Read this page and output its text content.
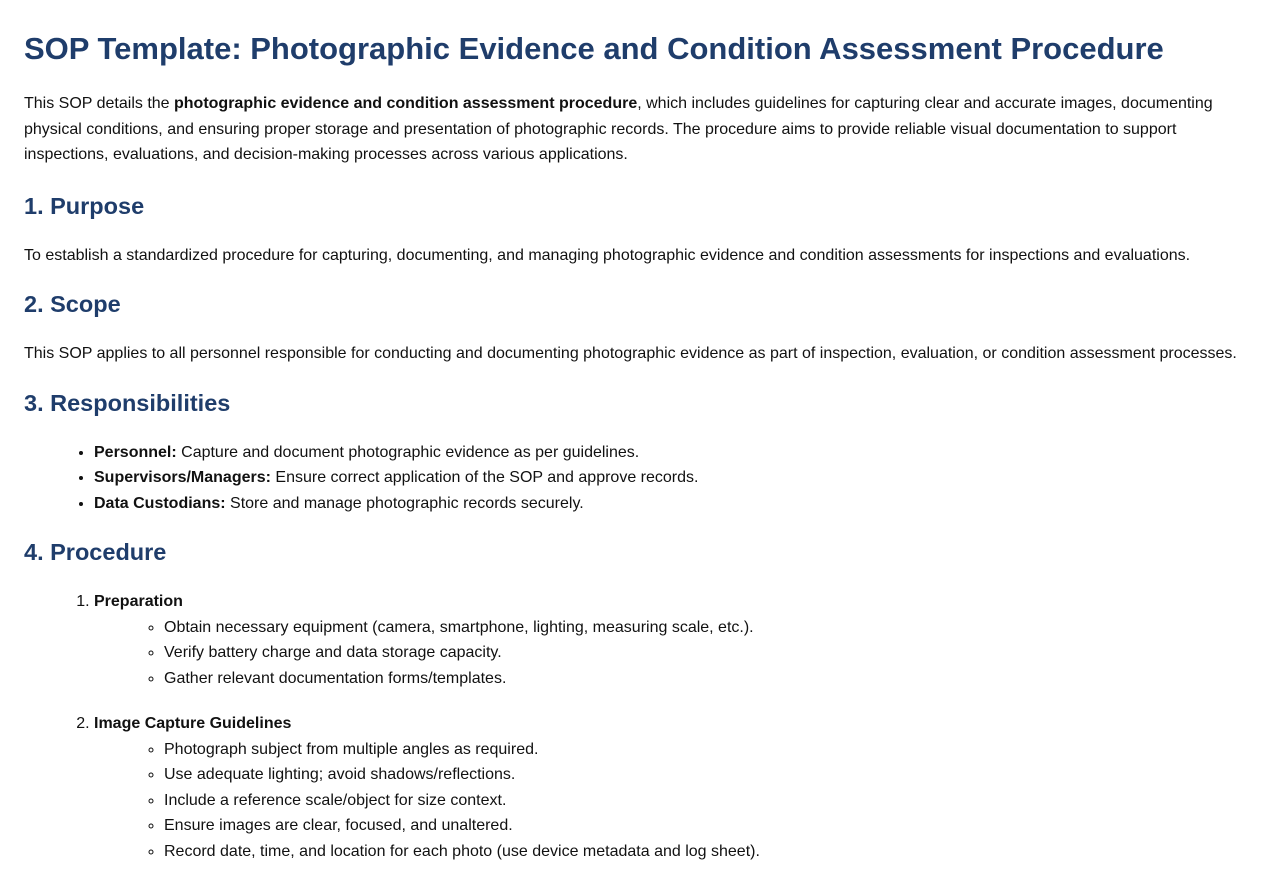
SOP Template: Photographic Evidence and Condition Assessment Procedure

This SOP details the photographic evidence and condition assessment procedure, which includes guidelines for capturing clear and accurate images, documenting physical conditions, and ensuring proper storage and presentation of photographic records. The procedure aims to provide reliable visual documentation to support inspections, evaluations, and decision-making processes across various applications.

1. Purpose

To establish a standardized procedure for capturing, documenting, and managing photographic evidence and condition assessments for inspections and evaluations.

2. Scope

This SOP applies to all personnel responsible for conducting and documenting photographic evidence as part of inspection, evaluation, or condition assessment processes.

3. Responsibilities
• Personnel: Capture and document photographic evidence as per guidelines.
• Supervisors/Managers: Ensure correct application of the SOP and approve records.
• Data Custodians: Store and manage photographic records securely.
4. Procedure
1. Preparation
◦ Obtain necessary equipment (camera, smartphone, lighting, measuring scale, etc.).
◦ Verify battery charge and data storage capacity.
◦ Gather relevant documentation forms/templates.
2. Image Capture Guidelines
◦ Photograph subject from multiple angles as required.
◦ Use adequate lighting; avoid shadows/reflections.
◦ Include a reference scale/object for size context.
◦ Ensure images are clear, focused, and unaltered.
◦ Record date, time, and location for each photo (use device metadata and log sheet).
